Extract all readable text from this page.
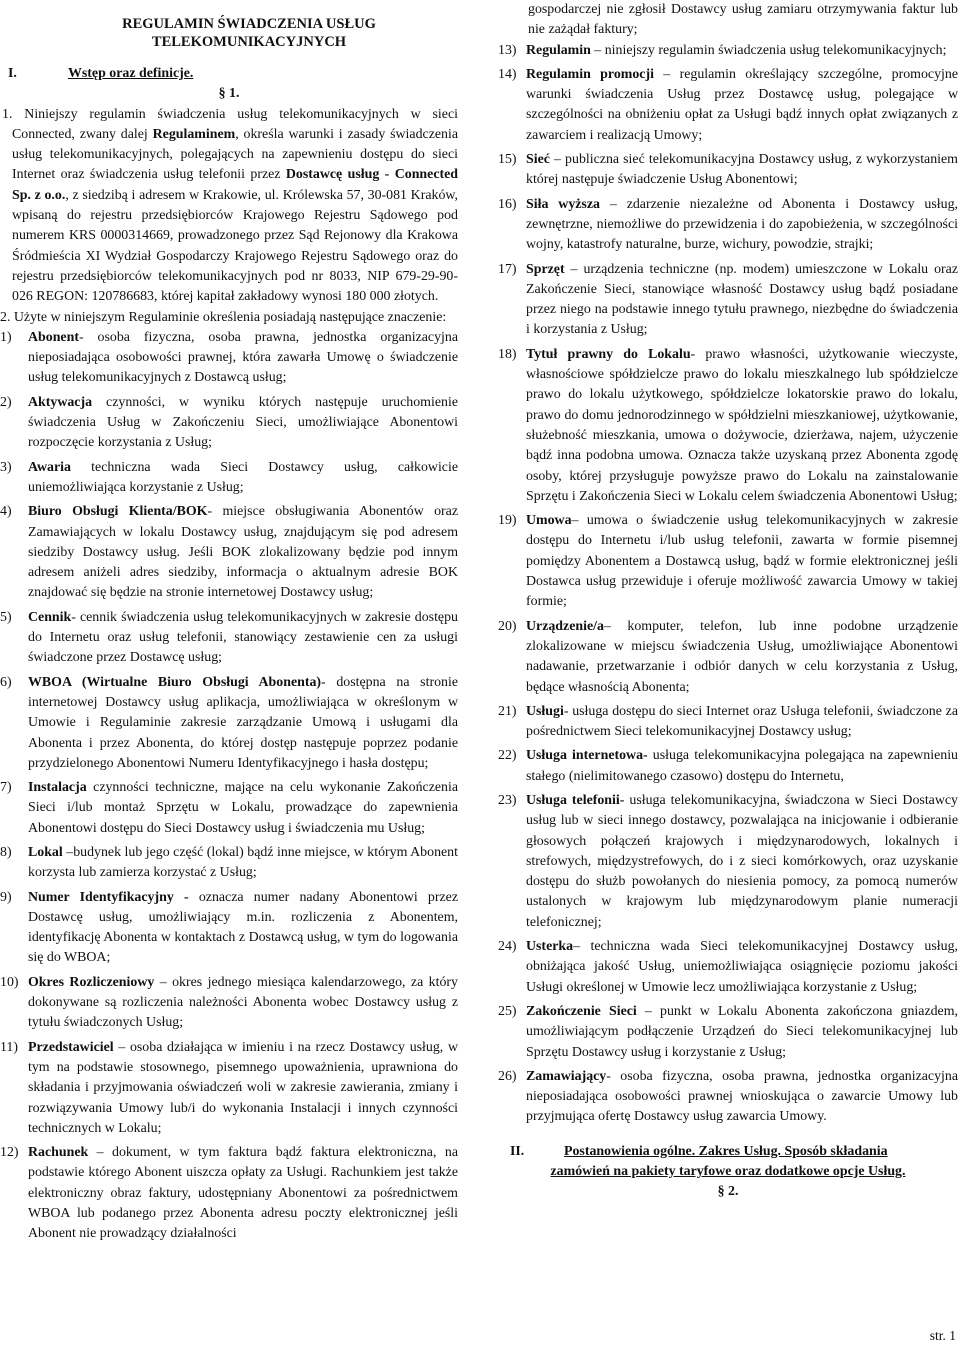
REGULAMIN ŚWIADCZENIA USŁUG
TELEKOMUNIKACYJNYCH
I.	Wstęp oraz definicje.
§ 1.

1. Niniejszy regulamin świadczenia usług telekomunikacyjnych w sieci Connected, zwany dalej Regulaminem, określa warunki i zasady świadczenia usług telekomunikacyjnych, polegających na zapewnieniu dostępu do sieci Internet oraz świadczenia usług telefonii przez Dostawcę usług - Connected Sp. z o.o., z siedzibą i adresem w Krakowie, ul. Królewska 57, 30-081 Kraków, wpisaną do rejestru przedsiębiorców Krajowego Rejestru Sądowego pod numerem KRS 0000314669, prowadzonego przez Sąd Rejonowy dla Krakowa Śródmieścia XI Wydział Gospodarczy Krajowego Rejestru Sądowego oraz do rejestru przedsiębiorców telekomunikacyjnych pod nr 8033, NIP 679-29-90-026 REGON: 120786683, której kapitał zakładowy wynosi 180 000 złotych.

2. Użyte w niniejszym Regulaminie określenia posiadają następujące znaczenie:

1)	Abonent- osoba fizyczna, osoba prawna, jednostka organizacyjna nieposiadająca osobowości prawnej, która zawarła Umowę o świadczenie usług telekomunikacyjnych z Dostawcą usług;
2)	Aktywacja czynności, w wyniku których następuje uruchomienie świadczenia Usług w Zakończeniu Sieci, umożliwiające Abonentowi rozpoczęcie korzystania z Usług;
3)	Awaria techniczna wada Sieci Dostawcy usług, całkowicie uniemożliwiająca korzystanie z Usług;
4)	Biuro Obsługi Klienta/BOK- miejsce obsługiwania Abonentów oraz Zamawiających w lokalu Dostawcy usług, znajdującym się pod adresem siedziby Dostawcy usług. Jeśli BOK zlokalizowany będzie pod innym adresem aniżeli adres siedziby, informacja o aktualnym adresie BOK znajdować się będzie na stronie internetowej Dostawcy usług;
5)	Cennik- cennik świadczenia usług telekomunikacyjnych w zakresie dostępu do Internetu oraz usług telefonii, stanowiący zestawienie cen za usługi świadczone przez Dostawcę usług;
6)	WBOA (Wirtualne Biuro Obsługi Abonenta)- dostępna na stronie internetowej Dostawcy usług aplikacja, umożliwiająca w określonym w Umowie i Regulaminie zakresie zarządzanie Umową i usługami dla Abonenta i przez Abonenta, do której dostęp następuje poprzez podanie przydzielonego Abonentowi Numeru Identyfikacyjnego i hasła dostępu;
7)	Instalacja czynności techniczne, mające na celu wykonanie Zakończenia Sieci i/lub montaż Sprzętu w Lokalu, prowadzące do zapewnienia Abonentowi dostępu do Sieci Dostawcy usług i świadczenia mu Usług;
8)	Lokal –budynek lub jego część (lokal) bądź inne miejsce, w którym Abonent korzysta lub zamierza korzystać z Usług;
9)	Numer Identyfikacyjny - oznacza numer nadany Abonentowi przez Dostawcę usług, umożliwiający m.in. rozliczenia z Abonentem, identyfikację Abonenta w kontaktach z Dostawcą usług, w tym do logowania się do WBOA;
10) Okres Rozliczeniowy – okres jednego miesiąca kalendarzowego, za który dokonywane są rozliczenia należności Abonenta wobec Dostawcy usług z tytułu świadczonych Usług;
11) Przedstawiciel – osoba działająca w imieniu i na rzecz Dostawcy usług, w tym na podstawie stosownego, pisemnego upoważnienia, uprawniona do składania i przyjmowania oświadczeń woli w zakresie zawierania, zmiany i rozwiązywania Umowy lub/i do wykonania Instalacji i innych czynności technicznych w Lokalu;
12) Rachunek – dokument, w tym faktura bądź faktura elektroniczna, na podstawie którego Abonent uiszcza opłaty za Usługi. Rachunkiem jest także elektroniczny obraz faktury, udostępniany Abonentowi za pośrednictwem WBOA lub podanego przez Abonenta adresu poczty elektronicznej jeśli Abonent nie prowadzący działalności

gospodarczej nie zgłosił Dostawcy usług zamiaru otrzymywania faktur lub nie zażądał faktury;

13) Regulamin – niniejszy regulamin świadczenia usług telekomunikacyjnych;
14) Regulamin promocji – regulamin określający szczególne, promocyjne warunki świadczenia Usług przez Dostawcę usług, polegające w szczególności na obniżeniu opłat za Usługi bądź innych opłat związanych z zawarciem i realizacją Umowy;
15) Sieć – publiczna sieć telekomunikacyjna Dostawcy usług, z wykorzystaniem której następuje świadczenie Usług Abonentowi;
16) Siła wyższa – zdarzenie niezależne od Abonenta i Dostawcy usług, zewnętrzne, niemożliwe do przewidzenia i do zapobieżenia, w szczególności wojny, katastrofy naturalne, burze, wichury, powodzie, strajki;
17) Sprzęt – urządzenia techniczne (np. modem) umieszczone w Lokalu oraz Zakończenie Sieci, stanowiące własność Dostawcy usług bądź posiadane przez niego na podstawie innego tytułu prawnego, niezbędne do świadczenia i korzystania z Usług;
18) Tytuł prawny do Lokalu- prawo własności, użytkowanie wieczyste, własnościowe spółdzielcze prawo do lokalu mieszkalnego lub spółdzielcze prawo do lokalu użytkowego, spółdzielcze lokatorskie prawo do lokalu, prawo do domu jednorodzinnego w spółdzielni mieszkaniowej, użytkowanie, służebność mieszkania, umowa o dożywocie, dzierżawa, najem, użyczenie bądź inna podobna umowa. Oznacza także uzyskaną przez Abonenta zgodę osoby, której przysługuje powyższe prawo do Lokalu na zainstalowanie Sprzętu i Zakończenia Sieci w Lokalu celem świadczenia Abonentowi Usług;
19) Umowa– umowa o świadczenie usług telekomunikacyjnych w zakresie dostępu do Internetu i/lub usług telefonii, zawarta w formie pisemnej pomiędzy Abonentem a Dostawcą usług, bądź w formie elektronicznej jeśli Dostawca usług przewiduje i oferuje możliwość zawarcia Umowy w takiej formie;
20) Urządzenie/a– komputer, telefon, lub inne podobne urządzenie zlokalizowane w miejscu świadczenia Usług, umożliwiające Abonentowi nadawanie, przetwarzanie i odbiór danych w celu korzystania z Usług, będące własnością Abonenta;
21) Usługi- usługa dostępu do sieci Internet oraz Usługa telefonii, świadczone za pośrednictwem Sieci telekomunikacyjnej Dostawcy usług;
22) Usługa internetowa- usługa telekomunikacyjna polegająca na zapewnieniu stałego (nielimitowanego czasowo) dostępu do Internetu,
23) Usługa telefonii- usługa telekomunikacyjna, świadczona w Sieci Dostawcy usług lub w sieci innego dostawcy, pozwalająca na inicjowanie i odbieranie głosowych połączeń krajowych i międzynarodowych, lokalnych i strefowych, międzystrefowych, do i z sieci komórkowych, oraz uzyskanie dostępu do służb powołanych do niesienia pomocy, za pomocą numerów ustalonych w krajowym lub międzynarodowym planie numeracji telefonicznej;
24) Usterka– techniczna wada Sieci telekomunikacyjnej Dostawcy usług, obniżająca jakość Usług, uniemożliwiająca osiągnięcie poziomu jakości Usługi określonej w Umowie lecz umożliwiająca korzystanie z Usług;
25) Zakończenie Sieci – punkt w Lokalu Abonenta zakończona gniazdem, umożliwiającym podłączenie Urządzeń do Sieci telekomunikacyjnej lub Sprzętu Dostawcy usług i korzystanie z Usług;
26) Zamawiający- osoba fizyczna, osoba prawna, jednostka organizacyjna nieposiadająca osobowości prawnej wnioskująca o zawarcie Umowy lub przyjmująca ofertę Dostawcy usług zawarcia Umowy.
II.	Postanowienia ogólne. Zakres Usług. Sposób składania
zamówień na pakiety taryfowe oraz dodatkowe opcje Usług.
§ 2.
str. 1
